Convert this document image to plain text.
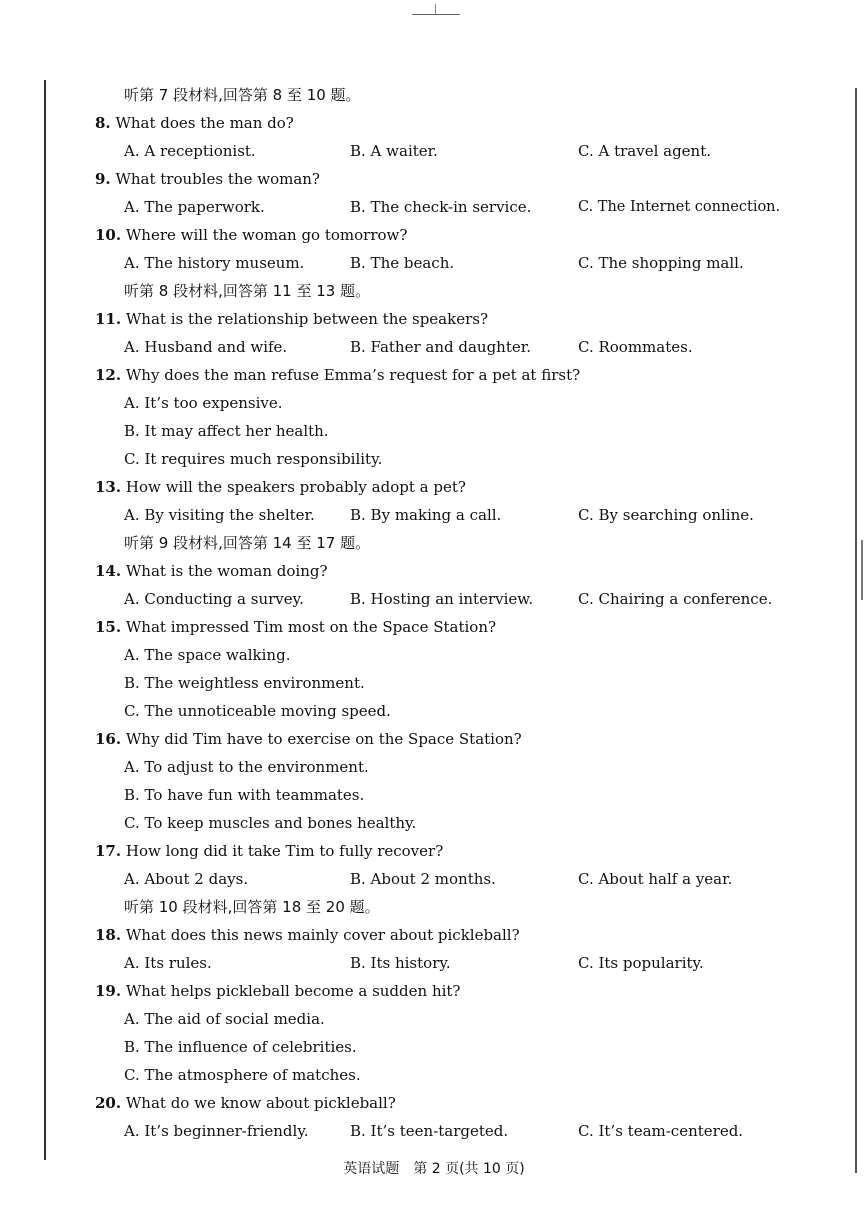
听第 7 段材料,回答第 8 至 10 题。
8. What does the man do?
A. A receptionist.	B. A waiter.	C. A travel agent.
9. What troubles the woman?
A. The paperwork.	B. The check-in service.	C. The Internet connection.
10. Where will the woman go tomorrow?
A. The history museum.	B. The beach.	C. The shopping mall.
听第 8 段材料,回答第 11 至 13 题。
11. What is the relationship between the speakers?
A. Husband and wife.	B. Father and daughter.	C. Roommates.
12. Why does the man refuse Emma’s request for a pet at first?
A. It’s too expensive.
B. It may affect her health.
C. It requires much responsibility.
13. How will the speakers probably adopt a pet?
A. By visiting the shelter. B. By making a call.	C. By searching online.
听第 9 段材料,回答第 14 至 17 题。
14. What is the woman doing?
A. Conducting a survey.	B. Hosting an interview.	C. Chairing a conference.
15. What impressed Tim most on the Space Station?
A. The space walking.
B. The weightless environment.
C. The unnoticeable moving speed.
16. Why did Tim have to exercise on the Space Station?
A. To adjust to the environment.
B. To have fun with teammates.
C. To keep muscles and bones healthy.
17. How long did it take Tim to fully recover?
A. About 2 days.	B. About 2 months.	C. About half a year.
听第 10 段材料,回答第 18 至 20 题。
18. What does this news mainly cover about pickleball?
A. Its rules.	B. Its history.	C. Its popularity.
19. What helps pickleball become a sudden hit?
A. The aid of social media.
B. The influence of celebrities.
C. The atmosphere of matches.
20. What do we know about pickleball?
A. It’s beginner-friendly.	B. It’s teen-targeted.	C. It’s team-centered.
英语试题　第 2 页(共 10 页)
